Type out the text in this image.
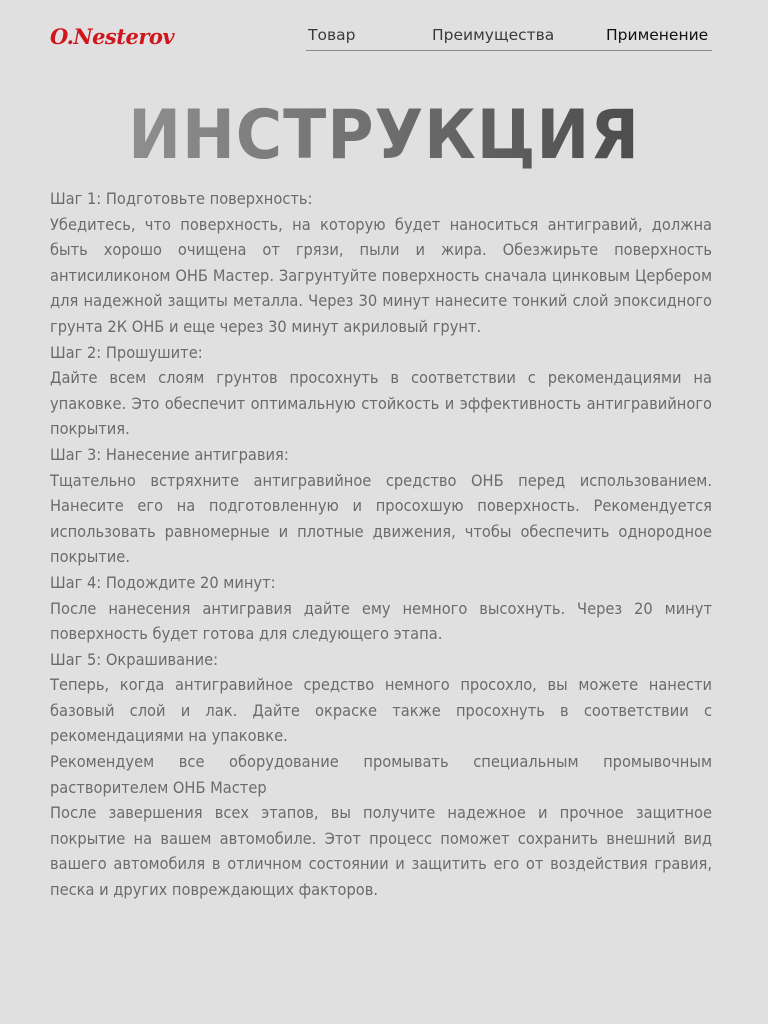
O.Nesterov	Товар	Преимущества	Применение
ИНСТРУКЦИЯ

Шаг 1: Подготовьте поверхность:

Убедитесь, что поверхность, на которую будет наноситься антигравий, должна быть хорошо очищена от грязи, пыли и жира. Обезжирьте поверхность антисиликоном ОНБ Мастер. Загрунтуйте поверхность сначала цинковым Цербером для надежной защиты металла. Через 30 минут нанесите тонкий слой эпоксидного грунта 2К ОНБ и еще через 30 минут акриловый грунт.

Шаг 2: Прошушите:

Дайте всем слоям грунтов просохнуть в соответствии с рекомендациями на упаковке. Это обеспечит оптимальную стойкость и эффективность антигравийного покрытия.

Шаг 3: Нанесение антигравия:

Тщательно встряхните антигравийное средство ОНБ перед использованием. Нанесите его на подготовленную и просохшую поверхность. Рекомендуется использовать равномерные и плотные движения, чтобы обеспечить однородное покрытие.

Шаг 4: Подождите 20 минут:

После нанесения антигравия дайте ему немного высохнуть. Через 20 минут поверхность будет готова для следующего этапа.

Шаг 5: Окрашивание:

Теперь, когда антигравийное средство немного просохло, вы можете нанести базовый слой и лак. Дайте окраске также просохнуть в соответствии с рекомендациями на упаковке.

Рекомендуем все оборудование промывать специальным промывочным растворителем ОНБ Мастер

После завершения всех этапов, вы получите надежное и прочное защитное покрытие на вашем автомобиле. Этот процесс поможет сохранить внешний вид вашего автомобиля в отличном состоянии и защитить его от воздействия гравия, песка и других повреждающих факторов.
